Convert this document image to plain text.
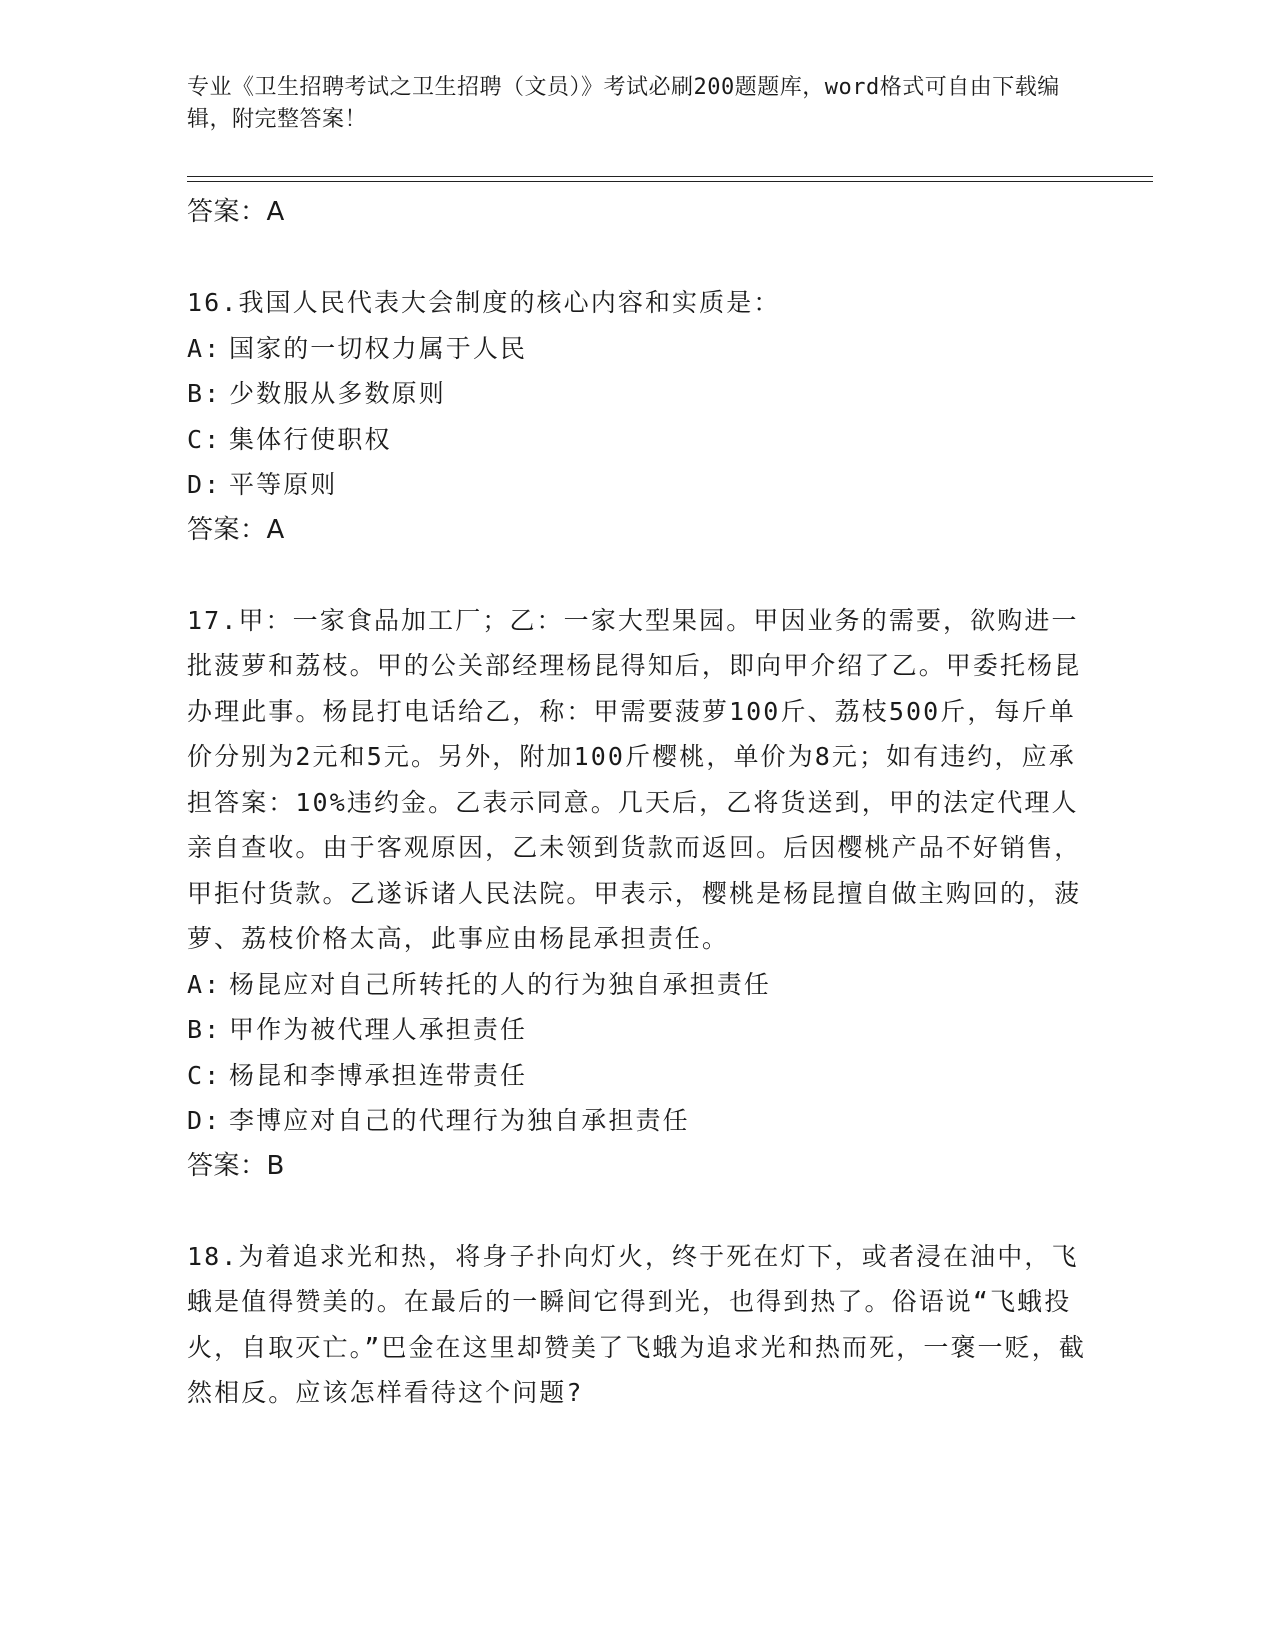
专业《卫生招聘考试之卫生招聘（文员）》考试必刷200题题库，word格式可自由下载编辑，附完整答案！
答案：A

16.我国人民代表大会制度的核心内容和实质是：

A: 国家的一切权力属于人民
B: 少数服从多数原则
C: 集体行使职权
D: 平等原则
答案：A

17.甲：一家食品加工厂；乙：一家大型果园。甲因业务的需要，欲购进一批菠萝和荔枝。甲的公关部经理杨昆得知后，即向甲介绍了乙。甲委托杨昆办理此事。杨昆打电话给乙，称：甲需要菠萝100斤、荔枝500斤，每斤单价分别为2元和5元。另外，附加100斤樱桃，单价为8元；如有违约，应承担答案：10%违约金。乙表示同意。几天后，乙将货送到，甲的法定代理人亲自查收。由于客观原因，乙未领到货款而返回。后因樱桃产品不好销售，甲拒付货款。乙遂诉诸人民法院。甲表示，樱桃是杨昆擅自做主购回的，菠萝、荔枝价格太高，此事应由杨昆承担责任。

A: 杨昆应对自己所转托的人的行为独自承担责任
B: 甲作为被代理人承担责任
C: 杨昆和李博承担连带责任
D: 李博应对自己的代理行为独自承担责任
答案：B

18.为着追求光和热，将身子扑向灯火，终于死在灯下，或者浸在油中，飞蛾是值得赞美的。在最后的一瞬间它得到光，也得到热了。俗语说“飞蛾投火，自取灭亡。”巴金在这里却赞美了飞蛾为追求光和热而死，一褒一贬，截然相反。应该怎样看待这个问题?
